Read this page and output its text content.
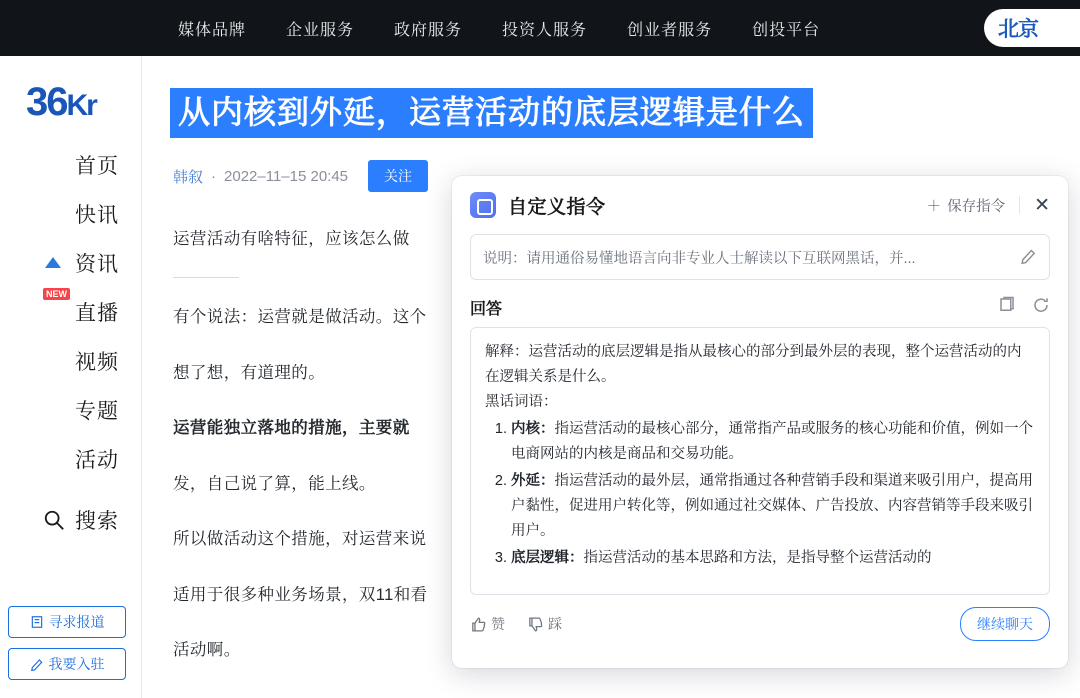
媒体品牌	企业服务	政府服务	投资人服务	创业者服务	创投平台	北京
36Kr
首页
快讯
资讯
NEW
直播
视频
专题
活动
搜索
寻求报道
我要入驻
从内核到外延，运营活动的底层逻辑是什么
韩叙 · 2022–11–15 20:45	关注

运营活动有啥特征，应该怎么做

有个说法：运营就是做活动。这个

想了想，有道理的。

运营能独立落地的措施，主要就

发，自己说了算，能上线。

所以做活动这个措施，对运营来说

适用于很多种业务场景，双11和看

活动啊。

自定义指令	＋ 保存指令 ✕
说明：请用通俗易懂地语言向非专业人士解读以下互联网黑话，并...
回答

解释：运营活动的底层逻辑是指从最核心的部分到最外层的表现，整个运营活动的内在逻辑关系是什么。

黑话词语：

1. 内核：指运营活动的最核心部分，通常指产品或服务的核心功能和价值，例如一个电商网站的内核是商品和交易功能。
2. 外延：指运营活动的最外层，通常指通过各种营销手段和渠道来吸引用户，提高用户黏性，促进用户转化等，例如通过社交媒体、广告投放、内容营销等手段来吸引用户。
3. 底层逻辑：指运营活动的基本思路和方法，是指导整个运营活动的
赞	踩	继续聊天
